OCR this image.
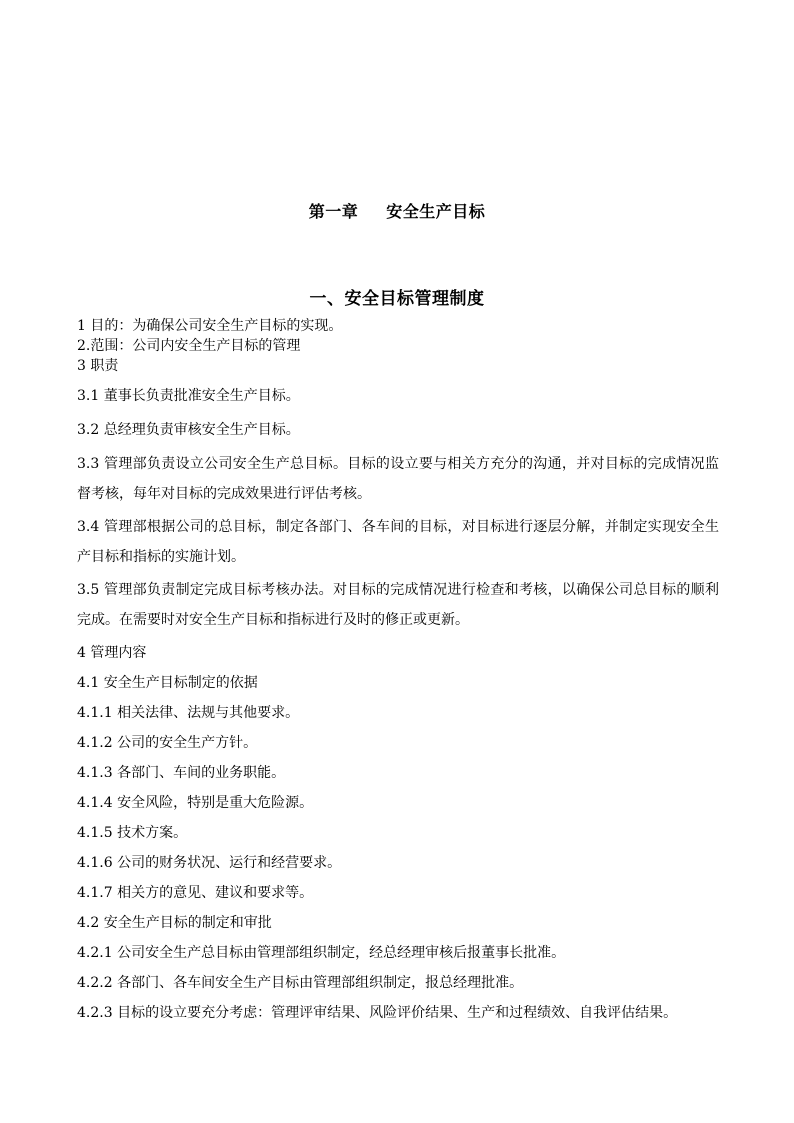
第一章 安全生产目标
一、安全目标管理制度
1 目的：为确保公司安全生产目标的实现。
2.范围：公司内安全生产目标的管理
3 职责
3.1 董事长负责批准安全生产目标。
3.2 总经理负责审核安全生产目标。
3.3 管理部负责设立公司安全生产总目标。目标的设立要与相关方充分的沟通，并对目标的完成情况监督考核，每年对目标的完成效果进行评估考核。
3.4 管理部根据公司的总目标，制定各部门、各车间的目标，对目标进行逐层分解，并制定实现安全生产目标和指标的实施计划。
3.5 管理部负责制定完成目标考核办法。对目标的完成情况进行检查和考核，以确保公司总目标的顺利完成。在需要时对安全生产目标和指标进行及时的修正或更新。
4 管理内容
4.1 安全生产目标制定的依据
4.1.1 相关法律、法规与其他要求。
4.1.2 公司的安全生产方针。
4.1.3 各部门、车间的业务职能。
4.1.4 安全风险，特别是重大危险源。
4.1.5 技术方案。
4.1.6 公司的财务状况、运行和经营要求。
4.1.7 相关方的意见、建议和要求等。
4.2 安全生产目标的制定和审批
4.2.1 公司安全生产总目标由管理部组织制定，经总经理审核后报董事长批准。
4.2.2 各部门、各车间安全生产目标由管理部组织制定，报总经理批准。
4.2.3 目标的设立要充分考虑：管理评审结果、风险评价结果、生产和过程绩效、自我评估结果。
